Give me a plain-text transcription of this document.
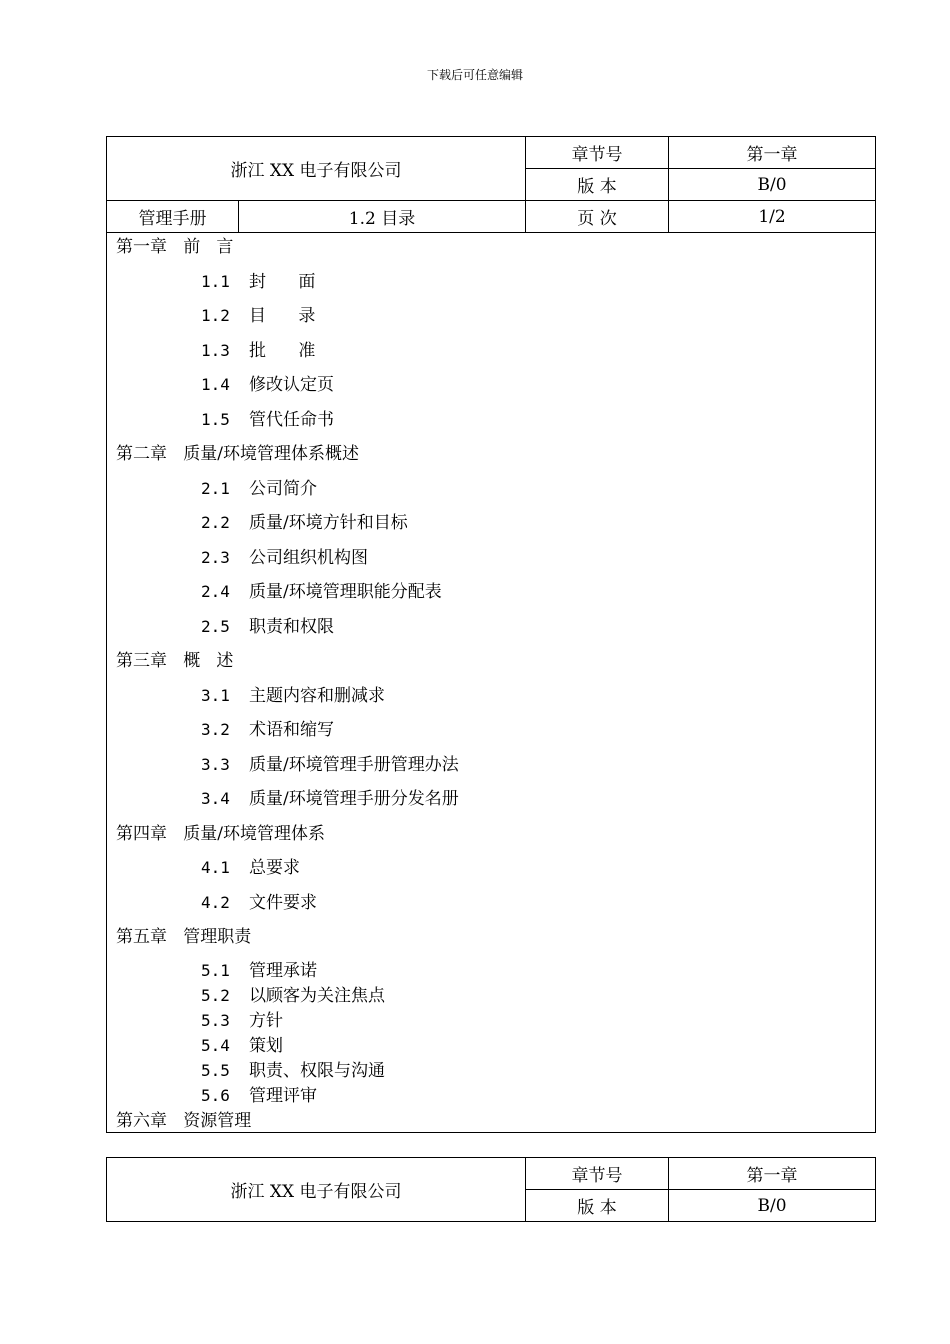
下载后可任意编辑
浙江 XX 电子有限公司
章节号	第一章
版 本	B/0
管理手册	1.2 目录	页 次	1/2
第一章   前   言
1.1 封      面
1.2 目      录
1.3 批      准
1.4 修改认定页
1.5 管代任命书
第二章   质量/环境管理体系概述
2.1 公司简介
2.2 质量/环境方针和目标
2.3 公司组织机构图
2.4 质量/环境管理职能分配表
2.5 职责和权限
第三章   概   述
3.1 主题内容和删减求
3.2 术语和缩写
3.3 质量/环境管理手册管理办法
3.4 质量/环境管理手册分发名册
第四章   质量/环境管理体系
4.1 总要求
4.2 文件要求
第五章   管理职责
5.1 管理承诺
5.2 以顾客为关注焦点
5.3 方针
5.4 策划
5.5 职责、权限与沟通
5.6 管理评审
第六章   资源管理
浙江 XX 电子有限公司
章节号	第一章
版 本	B/0
